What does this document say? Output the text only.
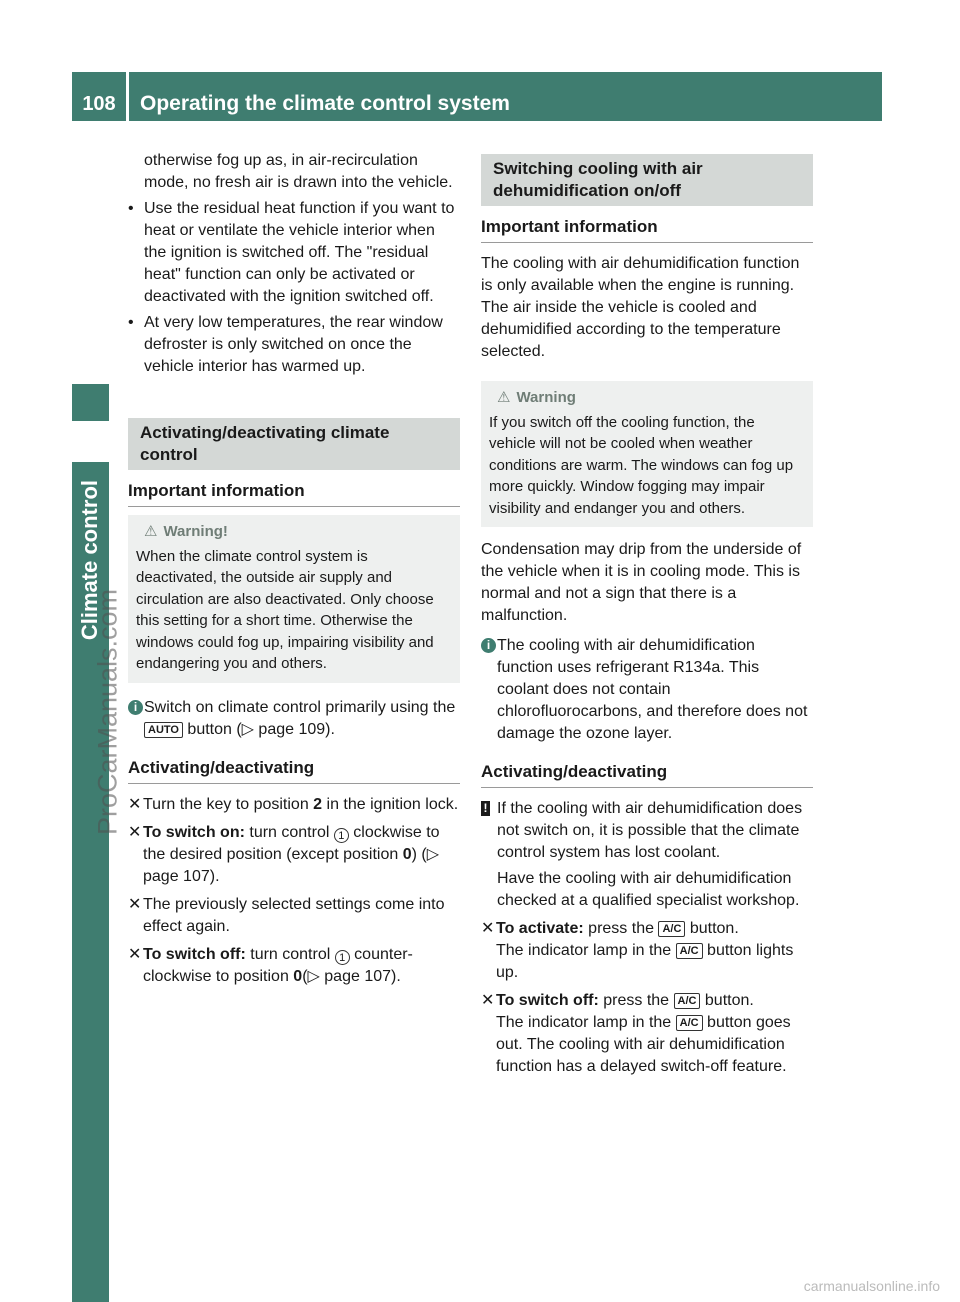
108	Operating the climate control system
Climate control
ProCarManuals.com

otherwise fog up as, in air-recirculation mode, no fresh air is drawn into the vehicle.

• Use the residual heat function if you want to heat or ventilate the vehicle interior when the ignition is switched off. The "residual heat" function can only be activated or deactivated with the ignition switched off.
• At very low temperatures, the rear window defroster is only switched on once the vehicle interior has warmed up.
Activating/deactivating climate control
Important information
⚠ Warning!
When the climate control system is deactivated, the outside air supply and circulation are also deactivated. Only choose this setting for a short time. Otherwise the windows could fog up, impairing visibility and endangering you and others.
i Switch on climate control primarily using the AUTO button (▷ page 109).
Activating/deactivating
✕ Turn the key to position 2 in the ignition lock.
✕ To switch on: turn control 1 clockwise to the desired position (except position 0) (▷ page 107).
✕ The previously selected settings come into effect again.
✕ To switch off: turn control 1 counter-clockwise to position 0(▷ page 107).
Switching cooling with air dehumidification on/off
Important information

The cooling with air dehumidification function is only available when the engine is running. The air inside the vehicle is cooled and dehumidified according to the temperature selected.

⚠ Warning
If you switch off the cooling function, the vehicle will not be cooled when weather conditions are warm. The windows can fog up more quickly. Window fogging may impair visibility and endanger you and others.

Condensation may drip from the underside of the vehicle when it is in cooling mode. This is normal and not a sign that there is a malfunction.

i The cooling with air dehumidification function uses refrigerant R134a. This coolant does not contain chlorofluorocarbons, and therefore does not damage the ozone layer.
Activating/deactivating
! If the cooling with air dehumidification does not switch on, it is possible that the climate control system has lost coolant.

Have the cooling with air dehumidification checked at a qualified specialist workshop.

✕ To activate: press the A/C button.
The indicator lamp in the A/C button lights up.
✕ To switch off: press the A/C button.
The indicator lamp in the A/C button goes out. The cooling with air dehumidification function has a delayed switch-off feature.
carmanualsonline.info
